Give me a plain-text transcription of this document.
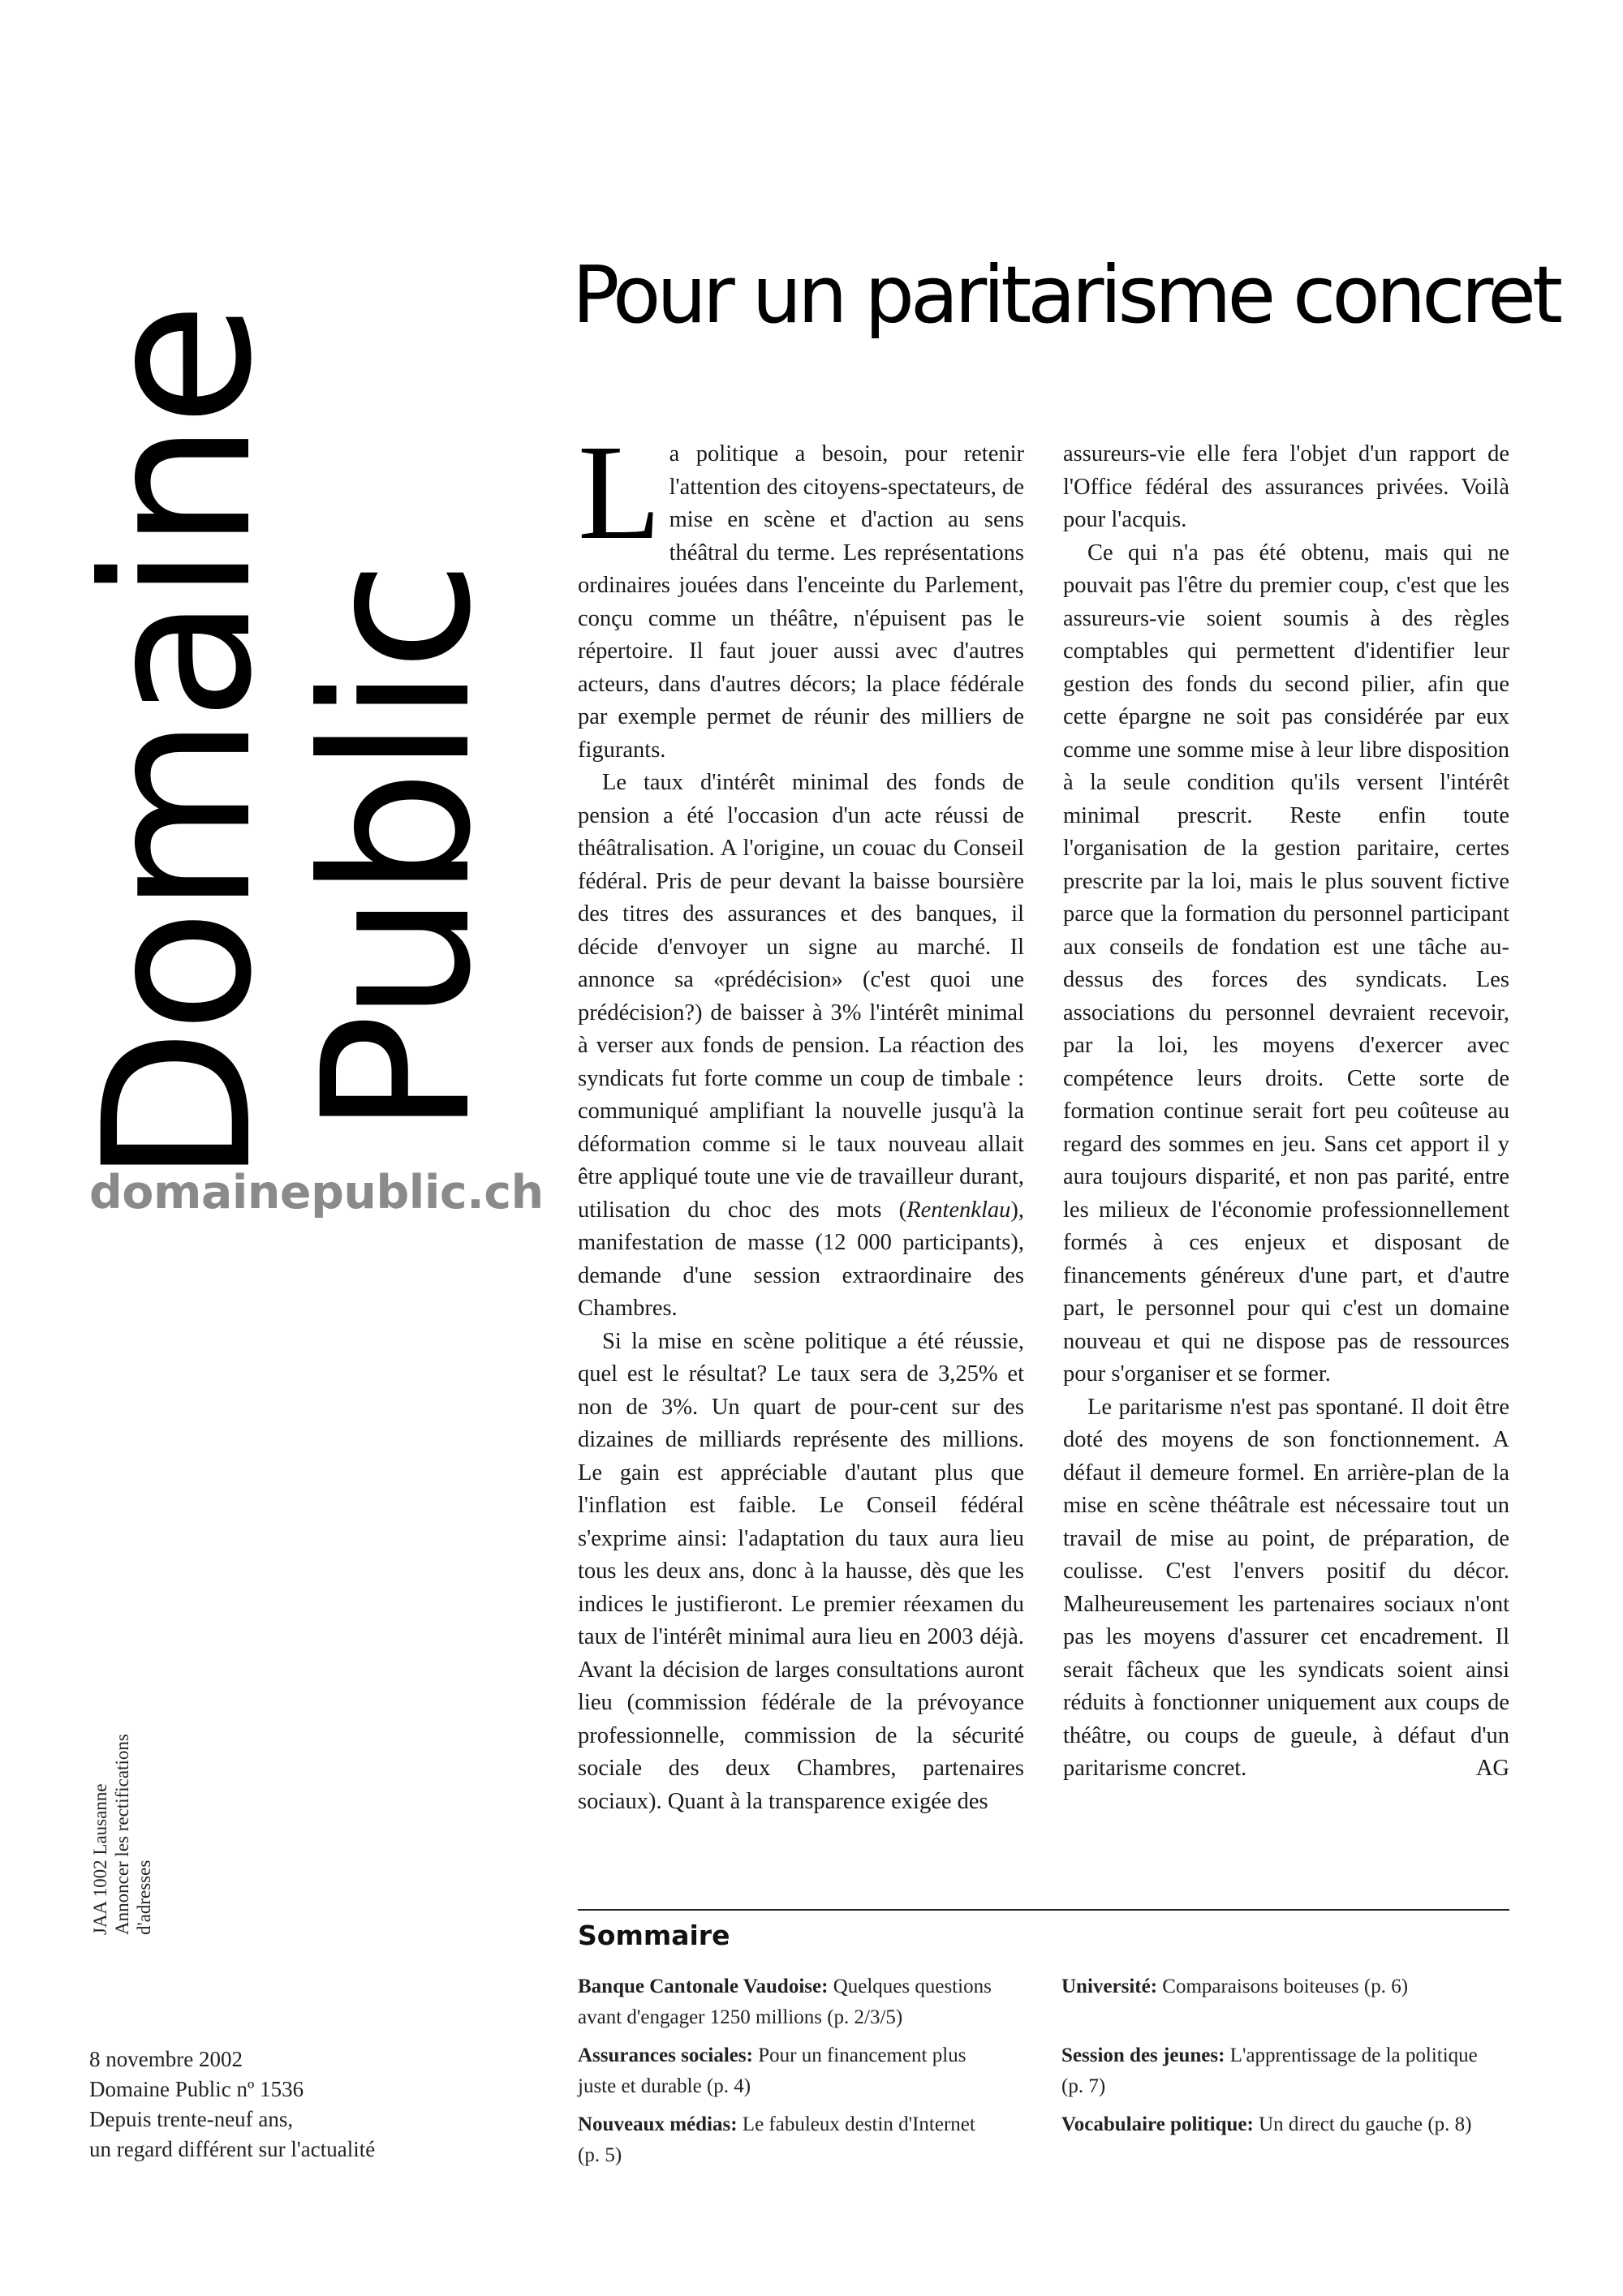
Domaine
Public
domainepublic.ch
JAA 1002 Lausanne Annoncer les rectifications d'adresses
8 novembre 2002
Domaine Public nº 1536
Depuis trente-neuf ans,
un regard différent sur l'actualité
Pour un paritarisme concret

La politique a besoin, pour retenir l'attention des citoyens-spectateurs, de mise en scène et d'action au sens théâtral du terme. Les représentations ordinaires jouées dans l'enceinte du Parlement, conçu comme un théâtre, n'épuisent pas le répertoire. Il faut jouer aussi avec d'autres acteurs, dans d'autres décors; la place fédérale par exemple permet de réunir des milliers de figurants.

Le taux d'intérêt minimal des fonds de pension a été l'occasion d'un acte réussi de théâtralisation. A l'origine, un couac du Conseil fédéral. Pris de peur devant la baisse boursière des titres des assurances et des banques, il décide d'envoyer un signe au marché. Il annonce sa «prédécision» (c'est quoi une prédécision?) de baisser à 3% l'intérêt minimal à verser aux fonds de pension. La réaction des syndicats fut forte comme un coup de timbale : communiqué amplifiant la nouvelle jusqu'à la déformation comme si le taux nouveau allait être appliqué toute une vie de travailleur durant, utilisation du choc des mots (Rentenklau), manifestation de masse (12 000 participants), demande d'une session extraordinaire des Chambres.

Si la mise en scène politique a été réussie, quel est le résultat? Le taux sera de 3,25% et non de 3%. Un quart de pour-cent sur des dizaines de milliards représente des millions. Le gain est appréciable d'autant plus que l'inflation est faible. Le Conseil fédéral s'exprime ainsi: l'adaptation du taux aura lieu tous les deux ans, donc à la hausse, dès que les indices le justifieront. Le premier réexamen du taux de l'intérêt minimal aura lieu en 2003 déjà. Avant la décision de larges consultations auront lieu (commission fédérale de la prévoyance professionnelle, commission de la sécurité sociale des deux Chambres, partenaires sociaux). Quant à la transparence exigée des

assureurs-vie elle fera l'objet d'un rapport de l'Office fédéral des assurances privées. Voilà pour l'acquis.

Ce qui n'a pas été obtenu, mais qui ne pouvait pas l'être du premier coup, c'est que les assureurs-vie soient soumis à des règles comptables qui permettent d'identifier leur gestion des fonds du second pilier, afin que cette épargne ne soit pas considérée par eux comme une somme mise à leur libre disposition à la seule condition qu'ils versent l'intérêt minimal prescrit. Reste enfin toute l'organisation de la gestion paritaire, certes prescrite par la loi, mais le plus souvent fictive parce que la formation du personnel participant aux conseils de fondation est une tâche au-dessus des forces des syndicats. Les associations du personnel devraient recevoir, par la loi, les moyens d'exercer avec compétence leurs droits. Cette sorte de formation continue serait fort peu coûteuse au regard des sommes en jeu. Sans cet apport il y aura toujours disparité, et non pas parité, entre les milieux de l'économie professionnellement formés à ces enjeux et disposant de financements généreux d'une part, et d'autre part, le personnel pour qui c'est un domaine nouveau et qui ne dispose pas de ressources pour s'organiser et se former.

Le paritarisme n'est pas spontané. Il doit être doté des moyens de son fonctionnement. A défaut il demeure formel. En arrière-plan de la mise en scène théâtrale est nécessaire tout un travail de mise au point, de préparation, de coulisse. C'est l'envers positif du décor. Malheureusement les partenaires sociaux n'ont pas les moyens d'assurer cet encadrement. Il serait fâcheux que les syndicats soient ainsi réduits à fonctionner uniquement aux coups de théâtre, ou coups de gueule, à défaut d'un paritarisme concret.	AG

Sommaire
Banque Cantonale Vaudoise: Quelques questions avant d'engager 1250 millions (p. 2/3/5)
Assurances sociales: Pour un financement plus juste et durable (p. 4)
Nouveaux médias: Le fabuleux destin d'Internet (p. 5)
Université: Comparaisons boiteuses (p. 6)
Session des jeunes: L'apprentissage de la politique (p. 7)
Vocabulaire politique: Un direct du gauche (p. 8)
